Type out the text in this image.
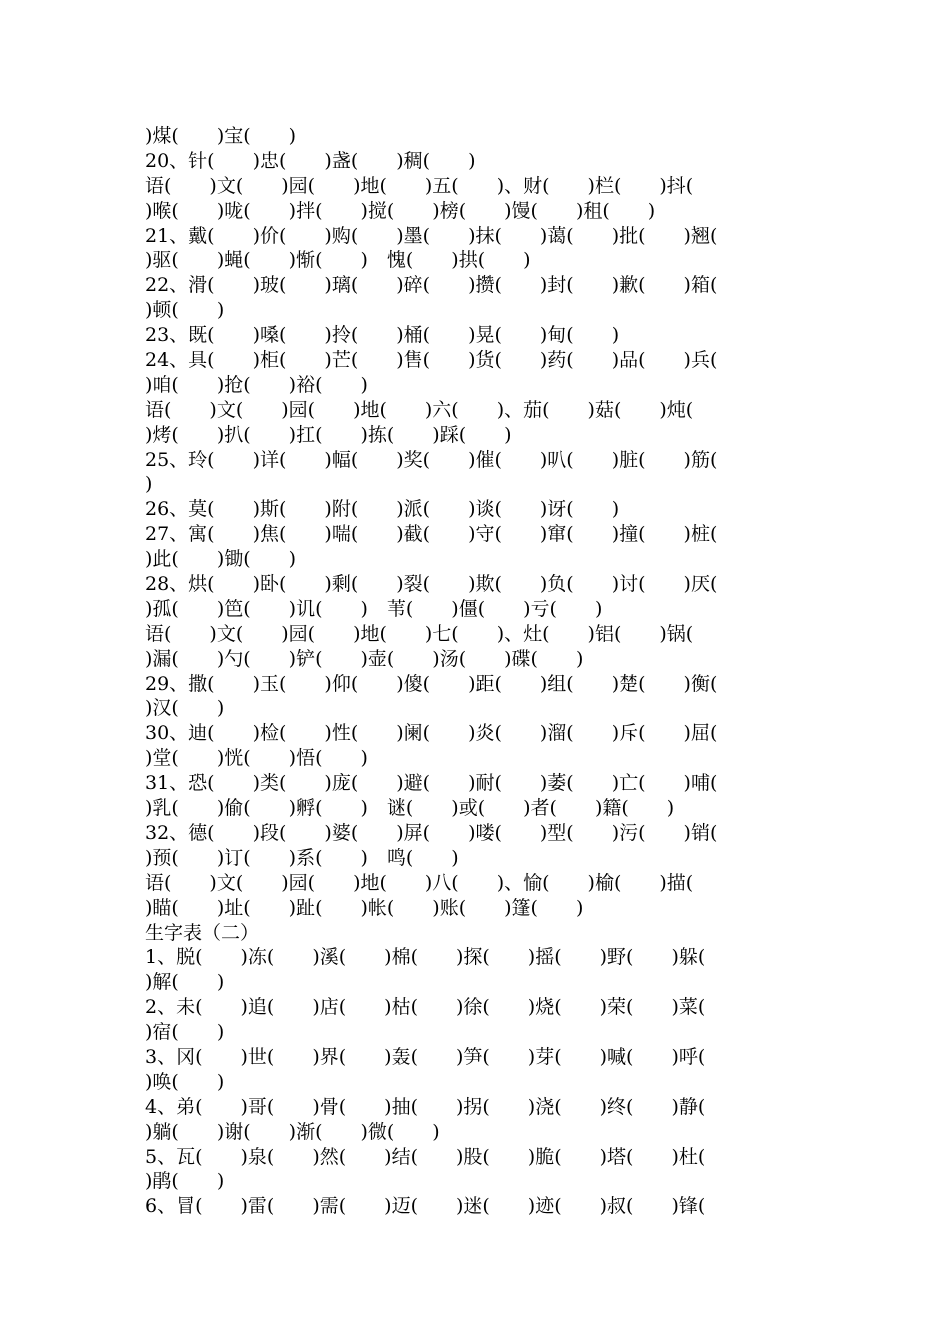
)煤(　　)宝(　　)
20、针(　　)忠(　　)盏(　　)稠(　　)
语(　　)文(　　)园(　　)地(　　)五(　　)、财(　　)栏(　　)抖(
)喉(　　)咙(　　)拌(　　)搅(　　)榜(　　)馒(　　)租(　　)
21、戴(　　)价(　　)购(　　)墨(　　)抹(　　)蔼(　　)批(　　)翘(
)驱(　　)蝇(　　)惭(　　)　愧(　　)拱(　　)
22、滑(　　)玻(　　)璃(　　)碎(　　)攒(　　)封(　　)歉(　　)箱(
)顿(　　)
23、既(　　)嗓(　　)拎(　　)桶(　　)晃(　　)甸(　　)
24、具(　　)柜(　　)芒(　　)售(　　)货(　　)药(　　)品(　　)兵(
)咱(　　)抢(　　)裕(　　)
语(　　)文(　　)园(　　)地(　　)六(　　)、茄(　　)菇(　　)炖(
)烤(　　)扒(　　)扛(　　)拣(　　)踩(　　)
25、玲(　　)详(　　)幅(　　)奖(　　)催(　　)叭(　　)脏(　　)筋(
)
26、莫(　　)斯(　　)附(　　)派(　　)谈(　　)讶(　　)
27、寓(　　)焦(　　)喘(　　)截(　　)守(　　)窜(　　)撞(　　)桩(
)此(　　)锄(　　)
28、烘(　　)卧(　　)剩(　　)裂(　　)欺(　　)负(　　)讨(　　)厌(
)孤(　　)笆(　　)讥(　　)　苇(　　)僵(　　)亏(　　)
语(　　)文(　　)园(　　)地(　　)七(　　)、灶(　　)铝(　　)锅(
)漏(　　)勺(　　)铲(　　)壶(　　)汤(　　)碟(　　)
29、撒(　　)玉(　　)仰(　　)傻(　　)距(　　)组(　　)楚(　　)衡(
)汉(　　)
30、迪(　　)检(　　)性(　　)阑(　　)炎(　　)溜(　　)斥(　　)屈(
)堂(　　)恍(　　)悟(　　)
31、恐(　　)类(　　)庞(　　)避(　　)耐(　　)萎(　　)亡(　　)哺(
)乳(　　)偷(　　)孵(　　)　谜(　　)或(　　)者(　　)籍(　　)
32、德(　　)段(　　)婆(　　)屏(　　)喽(　　)型(　　)污(　　)销(
)预(　　)订(　　)系(　　)　鸣(　　)
语(　　)文(　　)园(　　)地(　　)八(　　)、愉(　　)榆(　　)描(
)瞄(　　)址(　　)趾(　　)帐(　　)账(　　)篷(　　)
生字表（二）
1、脱(　　)冻(　　)溪(　　)棉(　　)探(　　)摇(　　)野(　　)躲(
)解(　　)
2、未(　　)追(　　)店(　　)枯(　　)徐(　　)烧(　　)荣(　　)菜(
)宿(　　)
3、冈(　　)世(　　)界(　　)轰(　　)笋(　　)芽(　　)喊(　　)呼(
)唤(　　)
4、弟(　　)哥(　　)骨(　　)抽(　　)拐(　　)浇(　　)终(　　)静(
)躺(　　)谢(　　)渐(　　)微(　　)
5、瓦(　　)泉(　　)然(　　)结(　　)股(　　)脆(　　)塔(　　)杜(
)鹃(　　)
6、冒(　　)雷(　　)需(　　)迈(　　)迷(　　)迹(　　)叔(　　)锋(
